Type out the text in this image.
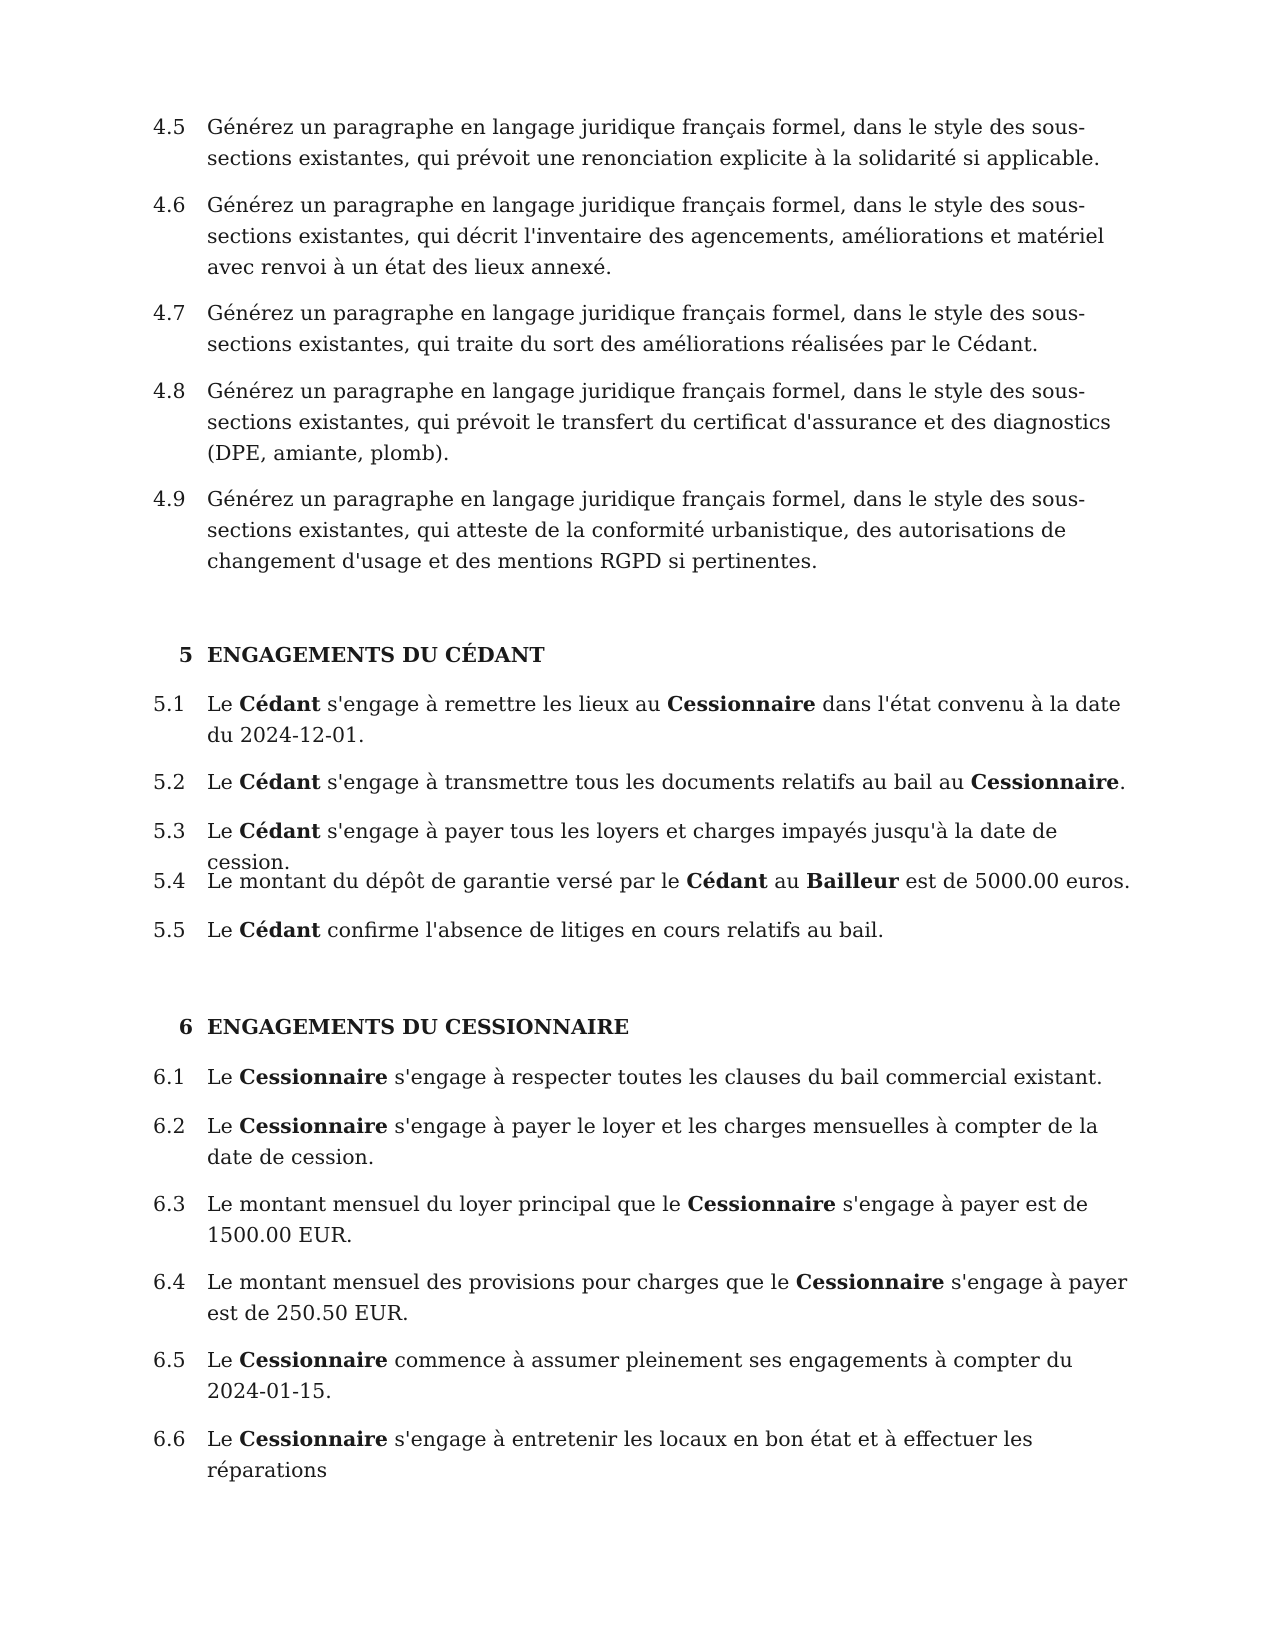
4.5	Générez un paragraphe en langage juridique français formel, dans le style des sous-sections existantes, qui prévoit une renonciation explicite à la solidarité si applicable.
4.6	Générez un paragraphe en langage juridique français formel, dans le style des sous-sections existantes, qui décrit l'inventaire des agencements, améliorations et matériel avec renvoi à un état des lieux annexé.
4.7	Générez un paragraphe en langage juridique français formel, dans le style des sous-sections existantes, qui traite du sort des améliorations réalisées par le Cédant.
4.8	Générez un paragraphe en langage juridique français formel, dans le style des sous-sections existantes, qui prévoit le transfert du certificat d'assurance et des diagnostics (DPE, amiante, plomb).
4.9	Générez un paragraphe en langage juridique français formel, dans le style des sous-sections existantes, qui atteste de la conformité urbanistique, des autorisations de changement d'usage et des mentions RGPD si pertinentes.
5 ENGAGEMENTS DU CÉDANT
5.1	Le Cédant s'engage à remettre les lieux au Cessionnaire dans l'état convenu à la date du 2024-12-01.
5.2	Le Cédant s'engage à transmettre tous les documents relatifs au bail au Cessionnaire.
5.3	Le Cédant s'engage à payer tous les loyers et charges impayés jusqu'à la date de cession.
5.4	Le montant du dépôt de garantie versé par le Cédant au Bailleur est de 5000.00 euros.
5.5	Le Cédant confirme l'absence de litiges en cours relatifs au bail.
6 ENGAGEMENTS DU CESSIONNAIRE
6.1	Le Cessionnaire s'engage à respecter toutes les clauses du bail commercial existant.
6.2	Le Cessionnaire s'engage à payer le loyer et les charges mensuelles à compter de la date de cession.
6.3	Le montant mensuel du loyer principal que le Cessionnaire s'engage à payer est de 1500.00 EUR.
6.4	Le montant mensuel des provisions pour charges que le Cessionnaire s'engage à payer est de 250.50 EUR.
6.5	Le Cessionnaire commence à assumer pleinement ses engagements à compter du 2024-01-15.
6.6	Le Cessionnaire s'engage à entretenir les locaux en bon état et à effectuer les réparations
